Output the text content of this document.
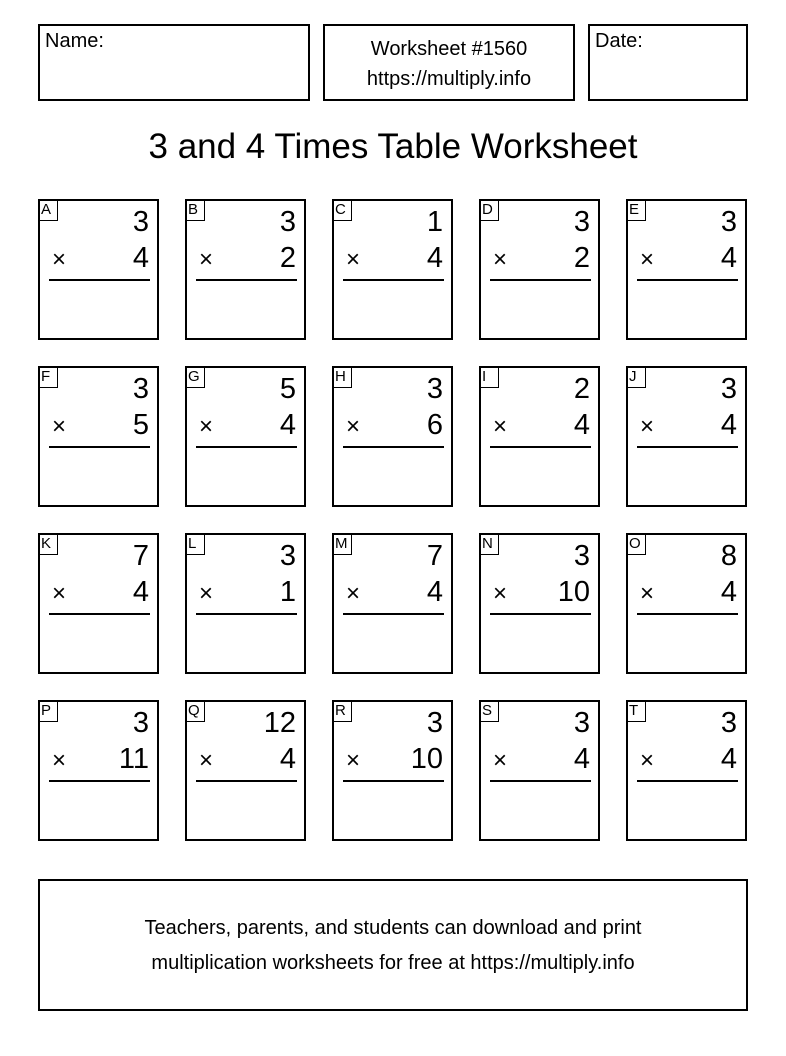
Name:	Worksheet #1560
https://multiply.info
Date:
3 and 4 Times Table Worksheet
A	3
× 4
B	3
× 2
C	1
× 4
D	3
× 2
E	3
× 4
F	3
× 5
G	5
× 4
H	3
× 6
I	2
× 4
J	3
× 4
K	7
× 4
L	3
× 1
M	7
× 4
N	3
× 10
O	8
× 4
P	3
× 11
Q 12
× 4
R	3
× 10
S	3
× 4
T	3
× 4
Teachers, parents, and students can download and print
multiplication worksheets for free at https://multiply.info
